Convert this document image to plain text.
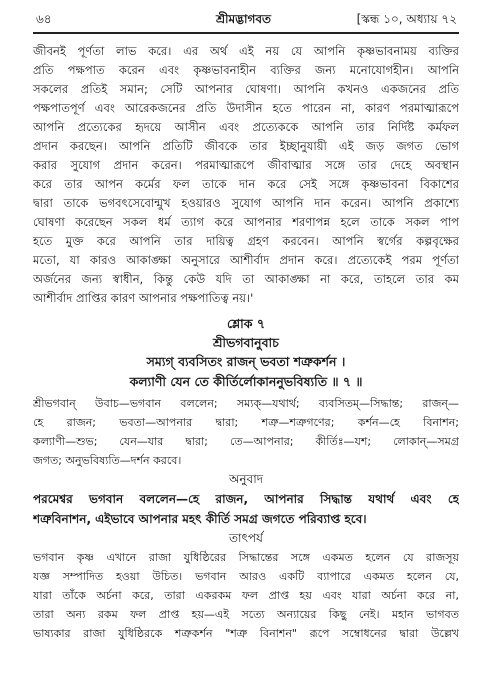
৬৪	শ্রীমদ্ভাগবত	[স্কন্ধ ১০, অধ্যায় ৭২
জীবনই পূর্ণতা লাভ করে। এর অর্থ এই নয় যে আপনি কৃষ্ণভাবনাময় ব্যক্তির
প্রতি পক্ষপাত করেন এবং কৃষ্ণভাবনাহীন ব্যক্তির জন্য মনোযোগহীন। আপনি
সকলের প্রতিই সমান; সেটি আপনার ঘোষণা। আপনি কখনও একজনের প্রতি
পক্ষপাতপূর্ণ এবং আরেকজনের প্রতি উদাসীন হতে পারেন না, কারণ পরমাত্মারূপে
আপনি প্রত্যেকের হৃদয়ে আসীন এবং প্রত্যেককে আপনি তার নির্দিষ্ট কর্মফল
প্রদান করছেন। আপনি প্রতিটি জীবকে তার ইচ্ছানুযায়ী এই জড় জগত ভোগ
করার সুযোগ প্রদান করেন। পরমাত্মারূপে জীবাত্মার সঙ্গে তার দেহে অবস্থান
করে তার আপন কর্মের ফল তাকে দান করে সেই সঙ্গে কৃষ্ণভাবনা বিকাশের
দ্বারা তাকে ভগবৎসেবোন্মুখ হওয়ারও সুযোগ আপনি দান করেন। আপনি প্রকাশ্যে
ঘোষণা করেছেন সকল ধর্ম ত্যাগ করে আপনার শরণাপন্ন হলে তাকে সকল পাপ
হতে মুক্ত করে আপনি তার দায়িত্ব গ্রহণ করবেন। আপনি স্বর্গের কল্পবৃক্ষের
মতো, যা কারও আকাঙ্ক্ষা অনুসারে আশীর্বাদ প্রদান করে। প্রত্যেকেই পরম পূর্ণতা
অর্জনের জন্য স্বাধীন, কিন্তু কেউ যদি তা আকাঙ্ক্ষা না করে, তাহলে তার কম
আশীর্বাদ প্রাপ্তির কারণ আপনার পক্ষপাতিত্ব নয়।'
শ্লোক ৭
শ্রীভগবানুবাচ
সম্যগ্ ব্যবসিতং রাজন্ ভবতা শত্রুকর্শন ।
কল্যাণী যেন তে কীর্তির্লোকাননুভবিষ্যতি ॥ ৭ ॥
শ্রীভগবান্ উবাচ—ভগবান বললেন; সম্যক্—যথার্থ; ব্যবসিতম্—সিদ্ধান্ত; রাজন্—
হে রাজন; ভবতা—আপনার দ্বারা; শত্রু—শত্রুগণের; কর্শন—হে বিনাশন;
কল্যাণী—শুভ; যেন—যার দ্বারা; তে—আপনার; কীর্তিঃ—যশ; লোকান্—সমগ্র
জগত; অনুভবিষ্যতি—দর্শন করবে।
অনুবাদ
পরমেশ্বর ভগবান বললেন—হে রাজন, আপনার সিদ্ধান্ত যথার্থ এবং হে
শত্রুবিনাশন, এইভাবে আপনার মহৎ কীর্তি সমগ্র জগতে পরিব্যাপ্ত হবে।
তাৎপর্য
ভগবান কৃষ্ণ এখানে রাজা যুধিষ্ঠিরের সিদ্ধান্তের সঙ্গে একমত হলেন যে রাজসূয়
যজ্ঞ সম্পাদিত হওয়া উচিত। ভগবান আরও একটি ব্যাপারে একমত হলেন যে,
যারা তাঁকে অর্চনা করে, তারা একরকম ফল প্রাপ্ত হয় এবং যারা অর্চনা করে না,
তারা অন্য রকম ফল প্রাপ্ত হয়—এই সত্যে অন্যায়ের কিছু নেই। মহান ভাগবত
ভাষ্যকার রাজা যুধিষ্ঠিরকে শত্রুকর্শন "শত্রু বিনাশন" রূপে সম্বোধনের দ্বারা উল্লেখ
